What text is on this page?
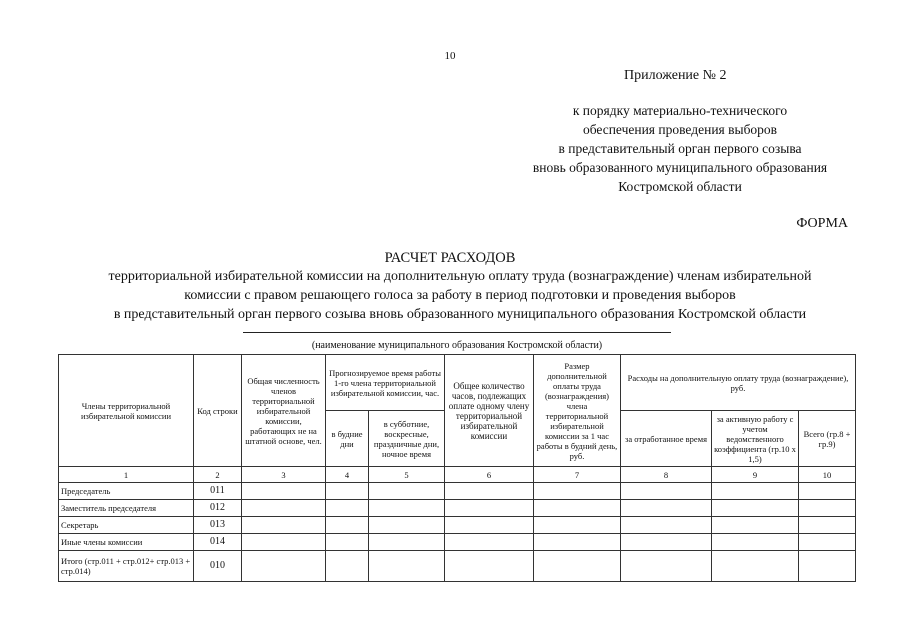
10
Приложение № 2
к порядку материально-технического
обеспечения проведения выборов
в представительный орган первого созыва
вновь образованного муниципального образования
Костромской области
ФОРМА
РАСЧЕТ РАСХОДОВ
территориальной избирательной комиссии на дополнительную оплату труда (вознаграждение) членам избирательной
комиссии с правом решающего голоса за работу в период подготовки и проведения выборов
в представительный орган первого созыва вновь образованного муниципального образования Костромской области
(наименование муниципального образования Костромской области)
Члены территориальной избирательной комиссии	Код строки	Общая численность членов территориальной избирательной комиссии, работающих не на штатной основе, чел.	Прогнозируемое время работы 1-го члена территориальной избирательной комиссии, час.		Общее количество часов, подлежащих оплате одному члену территориальной избирательной комиссии	Размер дополнительной оплаты труда (вознаграждения) члена территориальной избирательной комиссии за 1 час работы в будний день, руб.	Расходы на дополнительную оплату труда (вознаграждение), руб.		
			в будние дни	в субботние, воскресные, праздничные дни, ночное время			за отработанное время	за активную работу с учетом ведомственного коэффициента (гр.10 х 1,5)	Всего (гр.8 + гр.9)
1	2	3	4	5	6	7	8	9	10
Председатель	011								
Заместитель председателя	012								
Секретарь	013								
Иные члены комиссии	014								
Итого (стр.011 + стр.012+ стр.013 + стр.014)	010								
